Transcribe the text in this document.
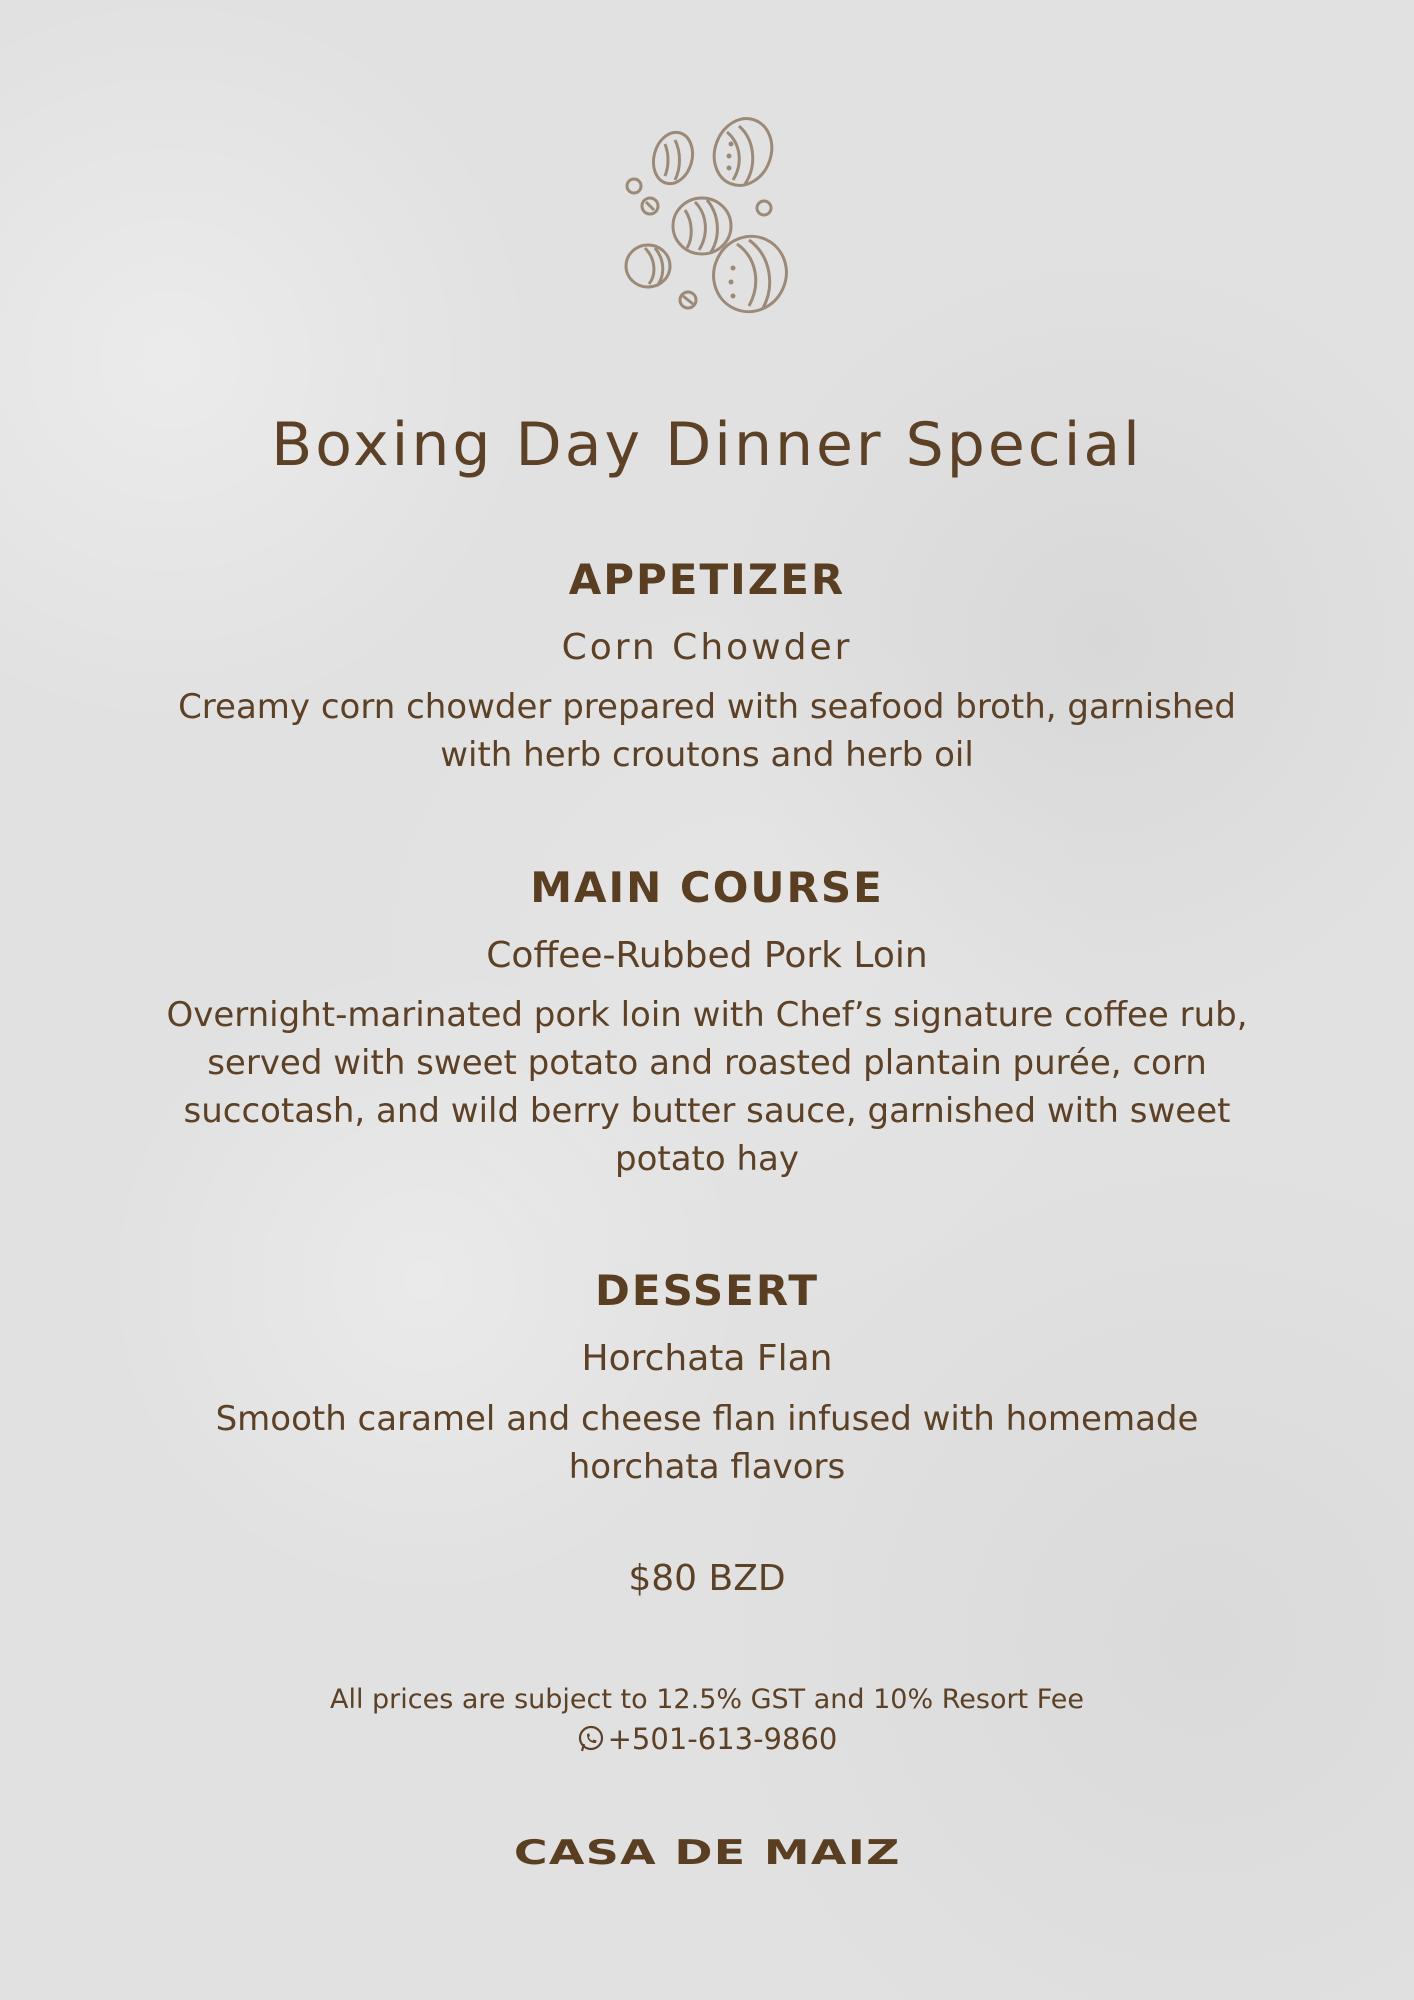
Boxing Day Dinner Special
APPETIZER

Corn Chowder

Creamy corn chowder prepared with seafood broth, garnished
with herb croutons and herb oil
MAIN COURSE

Coffee-Rubbed Pork Loin

Overnight-marinated pork loin with Chef’s signature coffee rub,
served with sweet potato and roasted plantain purée, corn
succotash, and wild berry butter sauce, garnished with sweet
potato hay
DESSERT

Horchata Flan

Smooth caramel and cheese flan infused with homemade
horchata flavors
$80 BZD
All prices are subject to 12.5% GST and 10% Resort Fee
+501-613-9860
CASA DE MAIZ
